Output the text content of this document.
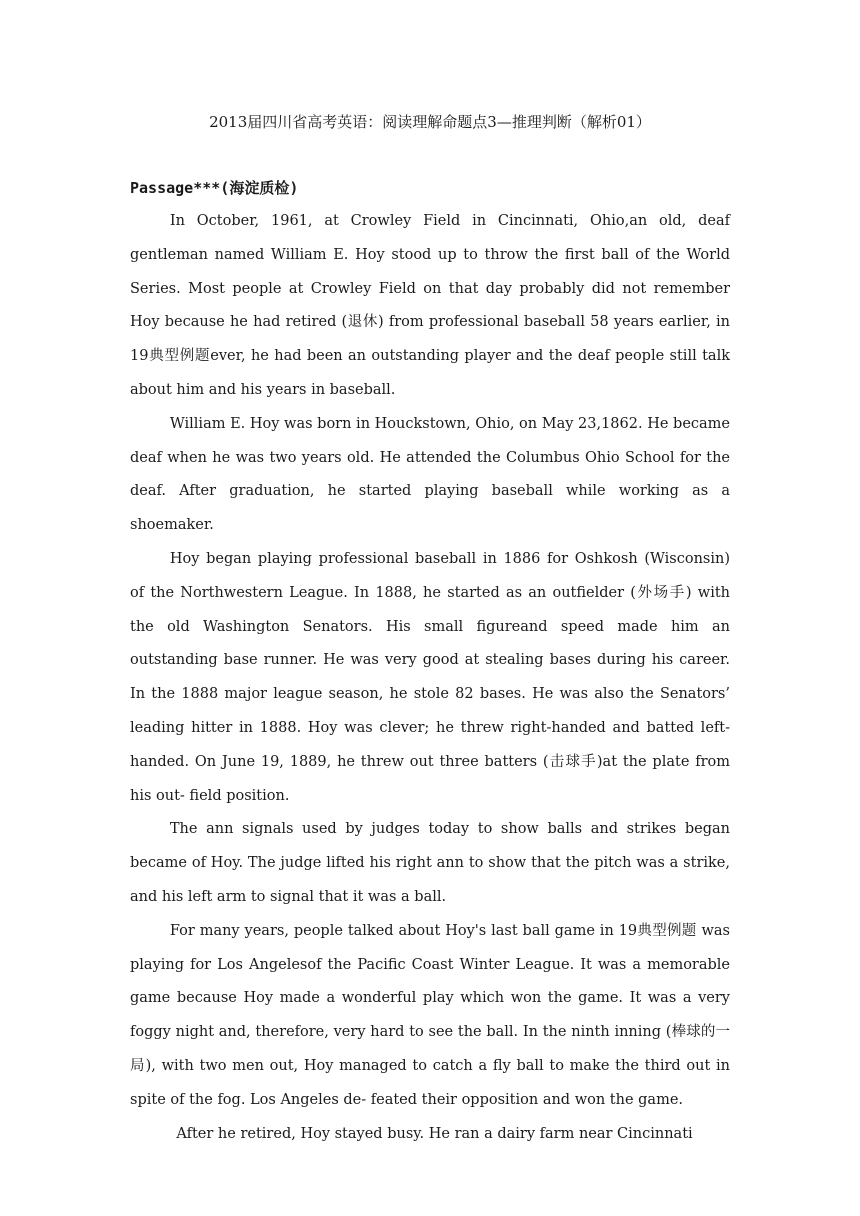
2013届四川省高考英语：阅读理解命题点3—推理判断（解析01）
Passage***(海淀质检)

In October, 1961, at Crowley Field in Cincinnati, Ohio,an old, deaf gentleman named William E. Hoy stood up to throw the first ball of the World Series. Most people at Crowley Field on that day probably did not remember Hoy because he had retired (退休) from professional baseball 58 years earlier, in 19典型例题ever, he had been an outstanding player and the deaf people still talk about him and his years in baseball.

William E. Hoy was born in Houckstown, Ohio, on May 23,1862. He became deaf when he was two years old. He attended the Columbus Ohio School for the deaf. After graduation, he started playing baseball while working as a shoemaker.

Hoy began playing professional baseball in 1886 for Oshkosh (Wisconsin) of the Northwestern League. In 1888, he started as an outfielder (外场手) with the old Washington Senators. His small figureand speed made him an outstanding base runner. He was very good at stealing bases during his career. In the 1888 major league season, he stole 82 bases. He was also the Senators’ leading hitter in 1888. Hoy was clever; he threw right-handed and batted left-handed. On June 19, 1889, he threw out three batters (击球手)at the plate from his out- field position.

The ann signals used by judges today to show balls and strikes began became of Hoy. The judge lifted his right ann to show that the pitch was a strike, and his left arm to signal that it was a ball.

For many years, people talked about Hoy's last ball game in 19典型例题 was playing for Los Angelesof the Pacific Coast Winter League. It was a memorable game because Hoy made a wonderful play which won the game. It was a very foggy night and, therefore, very hard to see the ball. In the ninth inning (棒球的一局), with two men out, Hoy managed to catch a fly ball to make the third out in spite of the fog. Los Angeles de- feated their opposition and won the game.

After he retired, Hoy stayed busy. He ran a dairy farm near Cincinnati
